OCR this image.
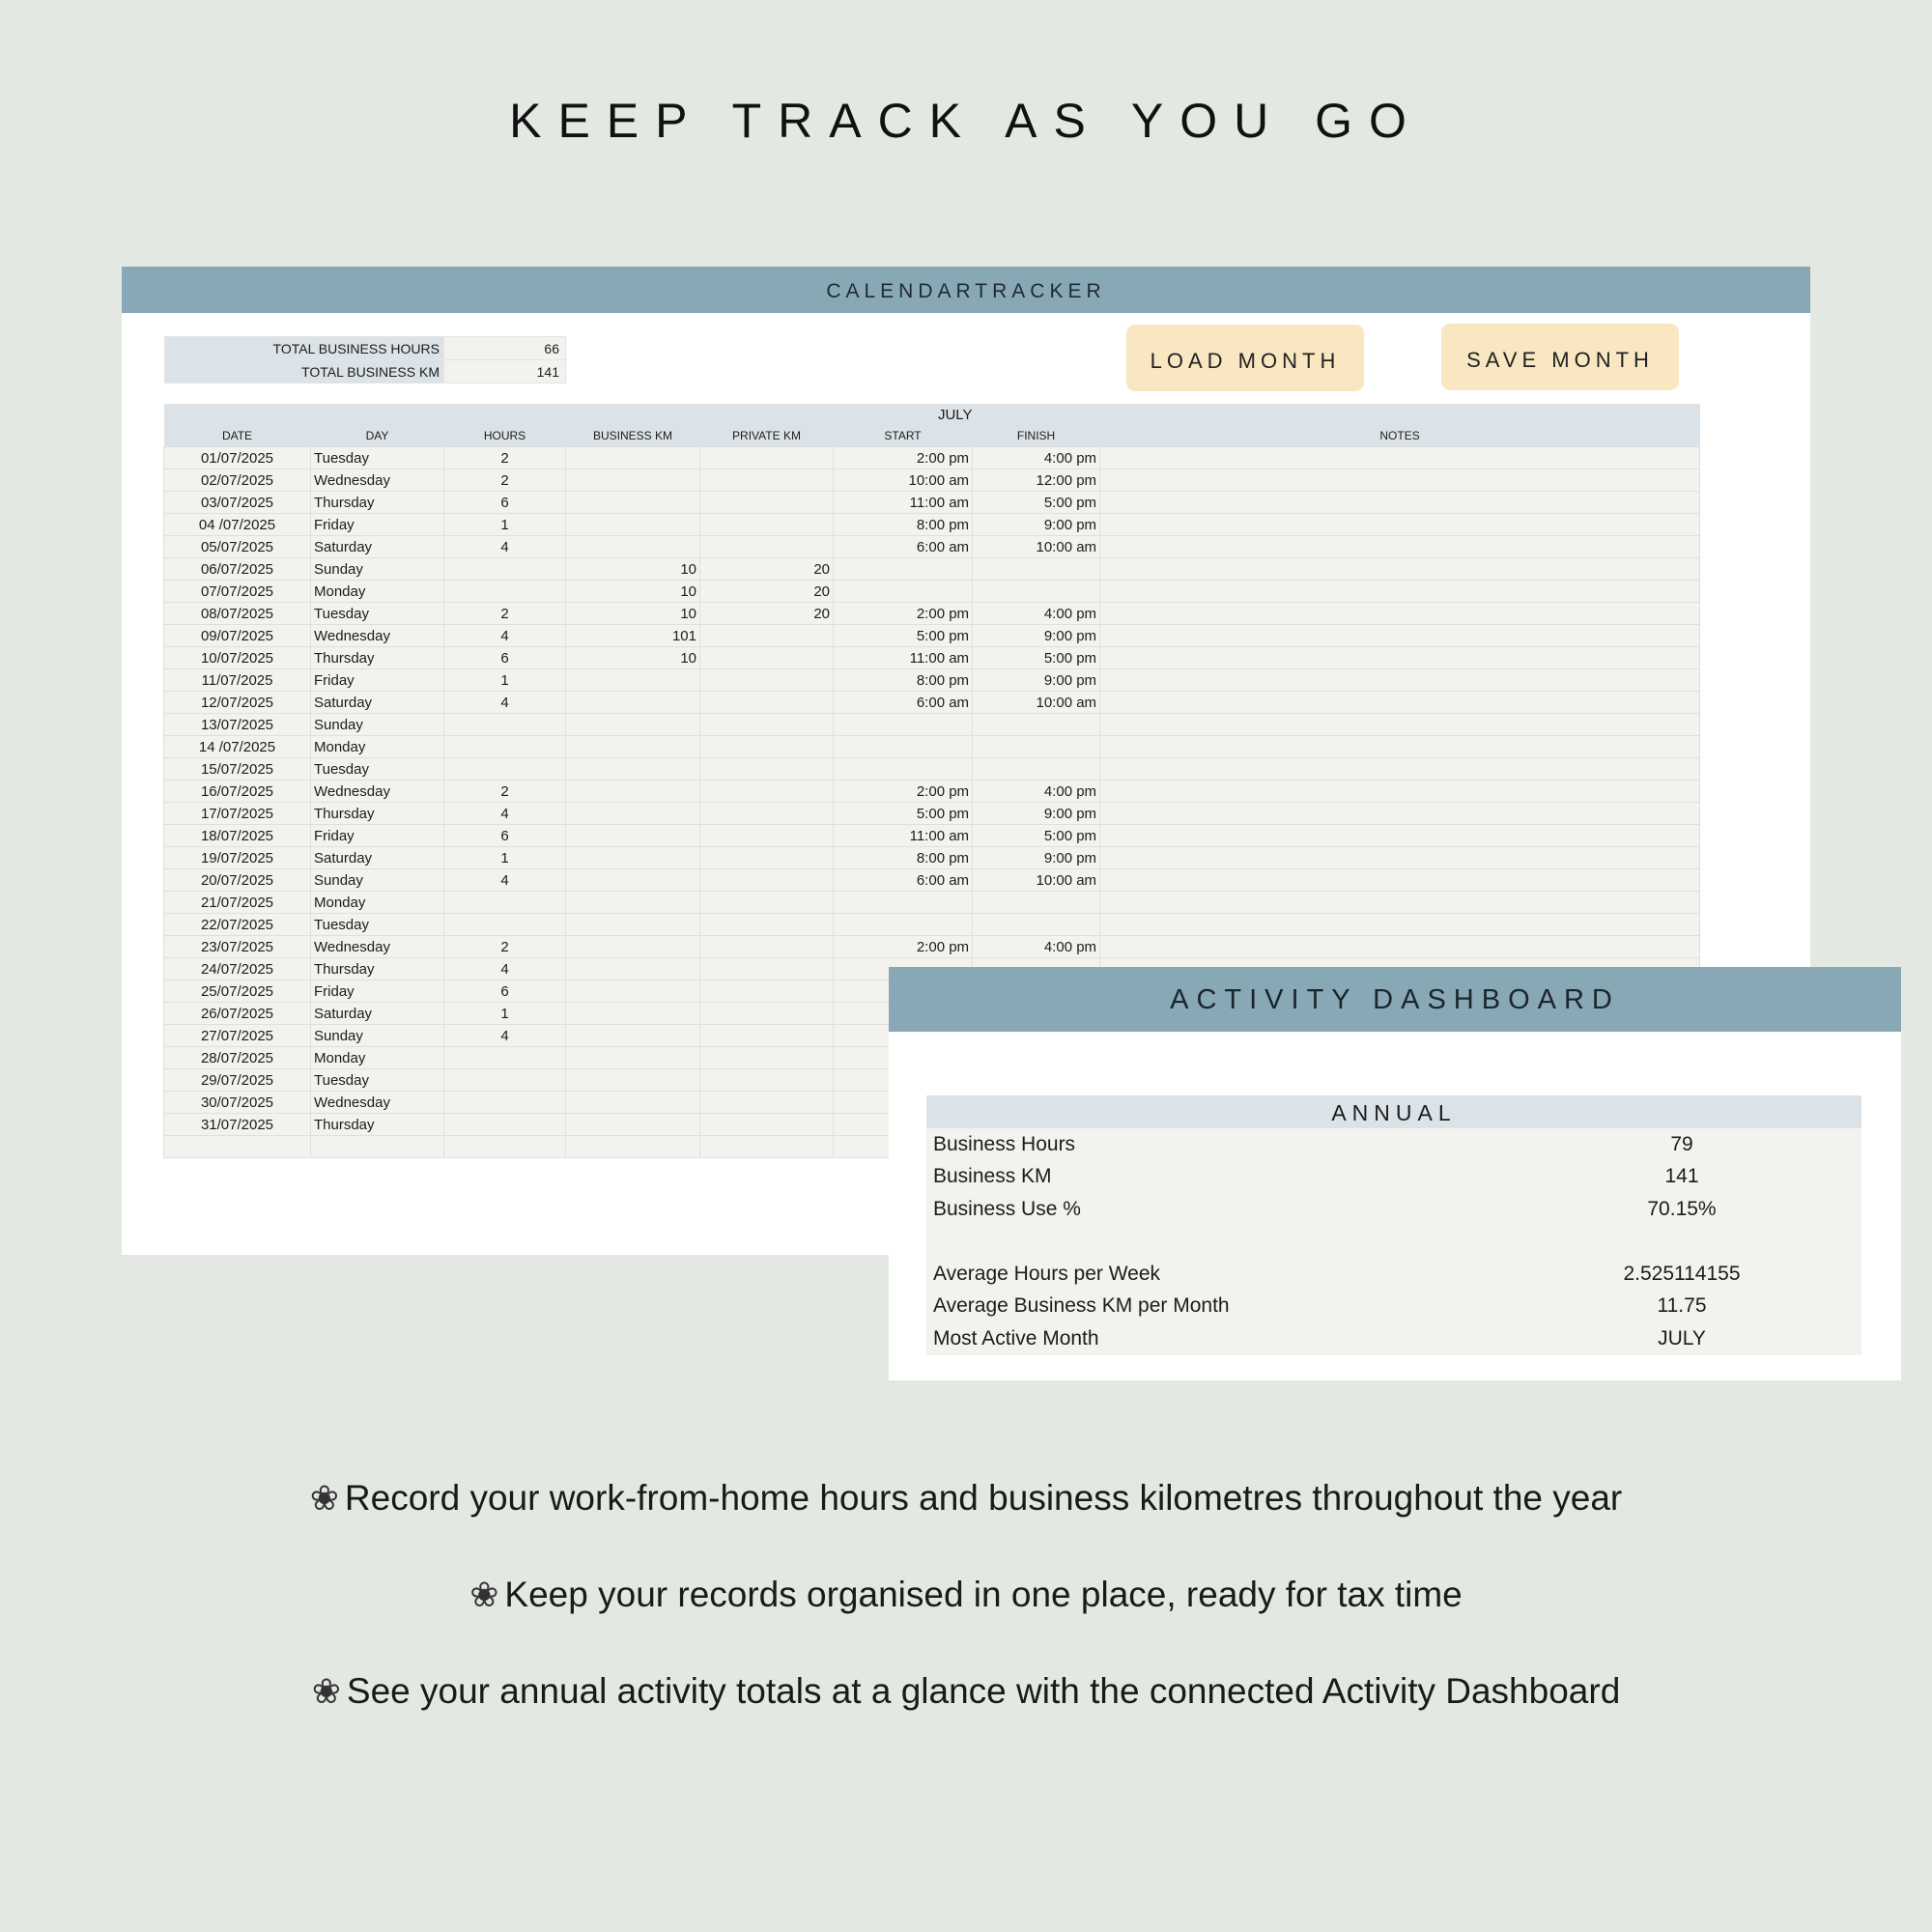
KEEP TRACK AS YOU GO
CALENDARTRACKER
TOTAL BUSINESS HOURS	66
TOTAL BUSINESS KM	141	LOAD MONTH	SAVE MONTH
JULY							
DATE	DAY	HOURS	BUSINESS KM	PRIVATE KM	START	FINISH	NOTES
01/07/2025	Tuesday	2			2:00 pm	4:00 pm	
02/07/2025	Wednesday	2			10:00 am	12:00 pm	
03/07/2025	Thursday	6			11:00 am	5:00 pm	
04 /07/2025	Friday	1			8:00 pm	9:00 pm	
05/07/2025	Saturday	4			6:00 am	10:00 am	
06/07/2025	Sunday		10	20			
07/07/2025	Monday		10	20			
08/07/2025	Tuesday	2	10	20	2:00 pm	4:00 pm	
09/07/2025	Wednesday	4	101		5:00 pm	9:00 pm	
10/07/2025	Thursday	6	10		11:00 am	5:00 pm	
11/07/2025	Friday	1			8:00 pm	9:00 pm	
12/07/2025	Saturday	4			6:00 am	10:00 am	
13/07/2025	Sunday						
14 /07/2025	Monday						
15/07/2025	Tuesday						
16/07/2025	Wednesday	2			2:00 pm	4:00 pm	
17/07/2025	Thursday	4			5:00 pm	9:00 pm	
18/07/2025	Friday	6			11:00 am	5:00 pm	
19/07/2025	Saturday	1			8:00 pm	9:00 pm	
20/07/2025	Sunday	4			6:00 am	10:00 am	
21/07/2025	Monday						
22/07/2025	Tuesday						
23/07/2025	Wednesday	2			2:00 pm	4:00 pm	
24/07/2025	Thursday	4					
25/07/2025	Friday	6					
26/07/2025	Saturday	1					
27/07/2025	Sunday	4					
28/07/2025	Monday						
29/07/2025	Tuesday						
30/07/2025	Wednesday						
31/07/2025	Thursday						

ACTIVITY DASHBOARD
ANNUAL
Business Hours	79
Business KM	141
Business Use %	70.15%
Average Hours per Week	2.525114155
Average Business KM per Month	11.75
Most Active Month	JULY
❀ Record your work-from-home hours and business kilometres throughout the year
❀ Keep your records organised in one place, ready for tax time
❀ See your annual activity totals at a glance with the connected Activity Dashboard
